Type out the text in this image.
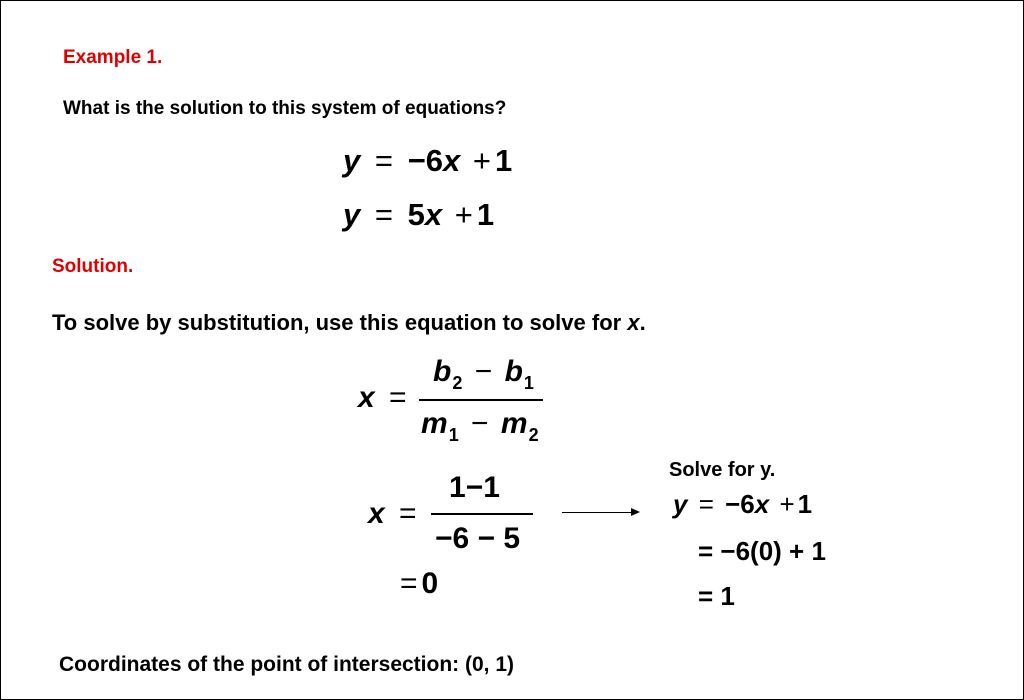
Example 1.
What is the solution to this system of equations?
y = −6x + 1
y = 5x + 1
Solution.
To solve by substitution, use this equation to solve for x.
x =
$b_2 - b_1$
$m_1 - m_2$
x =
1−1
−6 − 5
= 0
Solve for y.
y = −6x + 1
= −6(0) + 1
= 1
Coordinates of the point of intersection: (0, 1)
